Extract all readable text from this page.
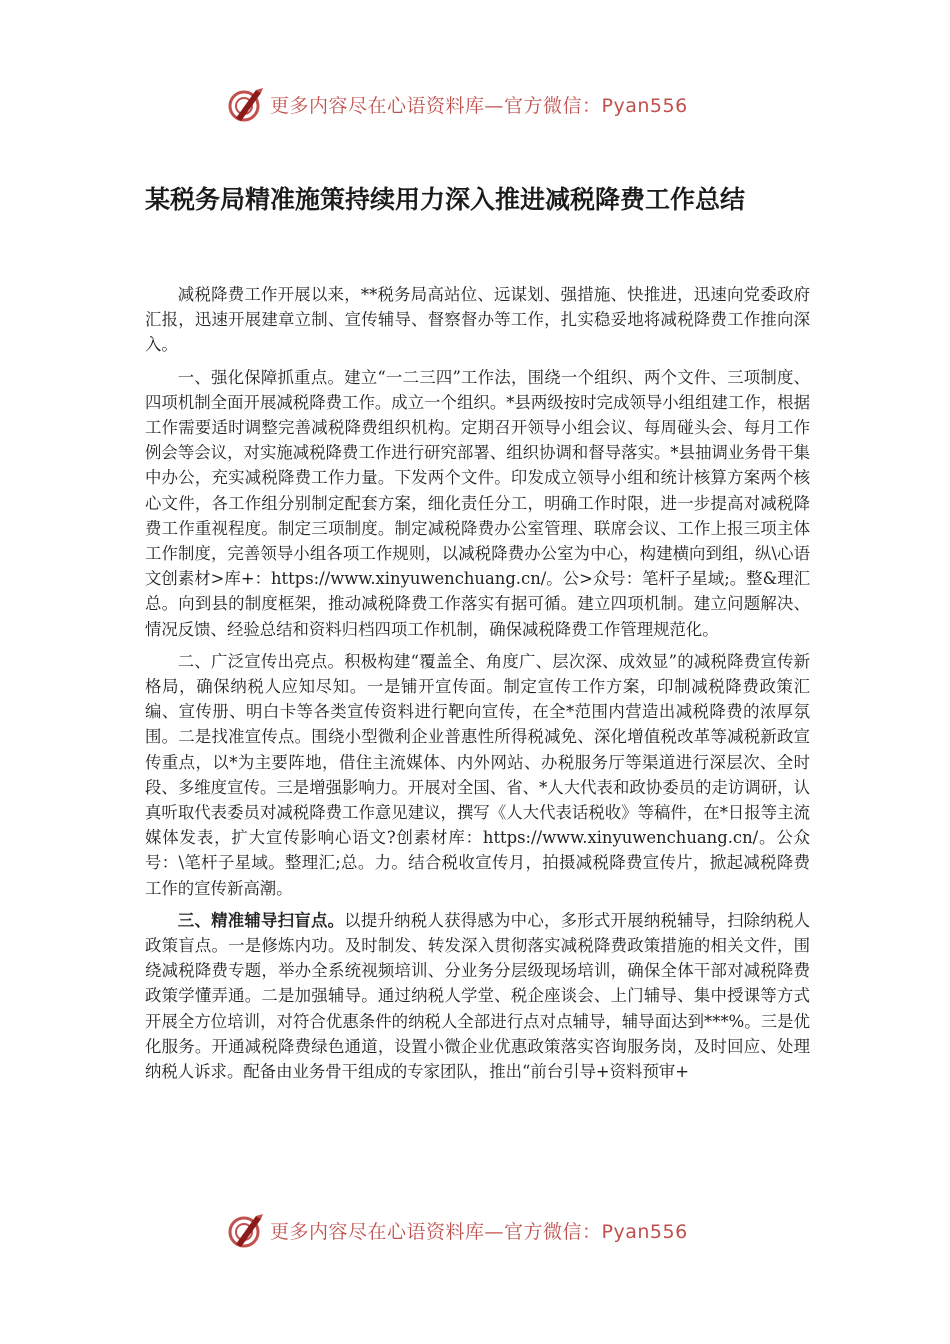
更多内容尽在心语资料库—官方微信：Pyan556
某税务局精准施策持续用力深入推进减税降费工作总结

减税降费工作开展以来，**税务局高站位、远谋划、强措施、快推进，迅速向党委政府汇报，迅速开展建章立制、宣传辅导、督察督办等工作，扎实稳妥地将减税降费工作推向深入。

一、强化保障抓重点。建立“一二三四”工作法，围绕一个组织、两个文件、三项制度、四项机制全面开展减税降费工作。成立一个组织。*县两级按时完成领导小组组建工作，根据工作需要适时调整完善减税降费组织机构。定期召开领导小组会议、每周碰头会、每月工作例会等会议，对实施减税降费工作进行研究部署、组织协调和督导落实。*县抽调业务骨干集中办公，充实减税降费工作力量。下发两个文件。印发成立领导小组和统计核算方案两个核心文件，各工作组分别制定配套方案，细化责任分工，明确工作时限，进一步提高对减税降费工作重视程度。制定三项制度。制定减税降费办公室管理、联席会议、工作上报三项主体工作制度，完善领导小组各项工作规则，以减税降费办公室为中心，构建横向到组，纵\心语文创素材>库+：https://www.xinyuwenchuang.cn/。公>众号：笔杆子星域;。整&理汇总。向到县的制度框架，推动减税降费工作落实有据可循。建立四项机制。建立问题解决、情况反馈、经验总结和资料归档四项工作机制，确保减税降费工作管理规范化。

二、广泛宣传出亮点。积极构建“覆盖全、角度广、层次深、成效显”的减税降费宣传新格局，确保纳税人应知尽知。一是铺开宣传面。制定宣传工作方案，印制减税降费政策汇编、宣传册、明白卡等各类宣传资料进行靶向宣传，在全*范围内营造出减税降费的浓厚氛围。二是找准宣传点。围绕小型微利企业普惠性所得税减免、深化增值税改革等减税新政宣传重点，以*为主要阵地，借住主流媒体、内外网站、办税服务厅等渠道进行深层次、全时段、多维度宣传。三是增强影响力。开展对全国、省、*人大代表和政协委员的走访调研，认真听取代表委员对减税降费工作意见建议，撰写《人大代表话税收》等稿件，在*日报等主流媒体发表，扩大宣传影响心语文?创素材库：https://www.xinyuwenchuang.cn/。公众号：\笔杆子星域。整理汇;总。力。结合税收宣传月，拍摄减税降费宣传片，掀起减税降费工作的宣传新高潮。

三、精准辅导扫盲点。以提升纳税人获得感为中心，多形式开展纳税辅导，扫除纳税人政策盲点。一是修炼内功。及时制发、转发深入贯彻落实减税降费政策措施的相关文件，围绕减税降费专题，举办全系统视频培训、分业务分层级现场培训，确保全体干部对减税降费政策学懂弄通。二是加强辅导。通过纳税人学堂、税企座谈会、上门辅导、集中授课等方式开展全方位培训，对符合优惠条件的纳税人全部进行点对点辅导，辅导面达到***%。三是优化服务。开通减税降费绿色通道，设置小微企业优惠政策落实咨询服务岗，及时回应、处理纳税人诉求。配备由业务骨干组成的专家团队，推出“前台引导+资料预审+

更多内容尽在心语资料库—官方微信：Pyan556
